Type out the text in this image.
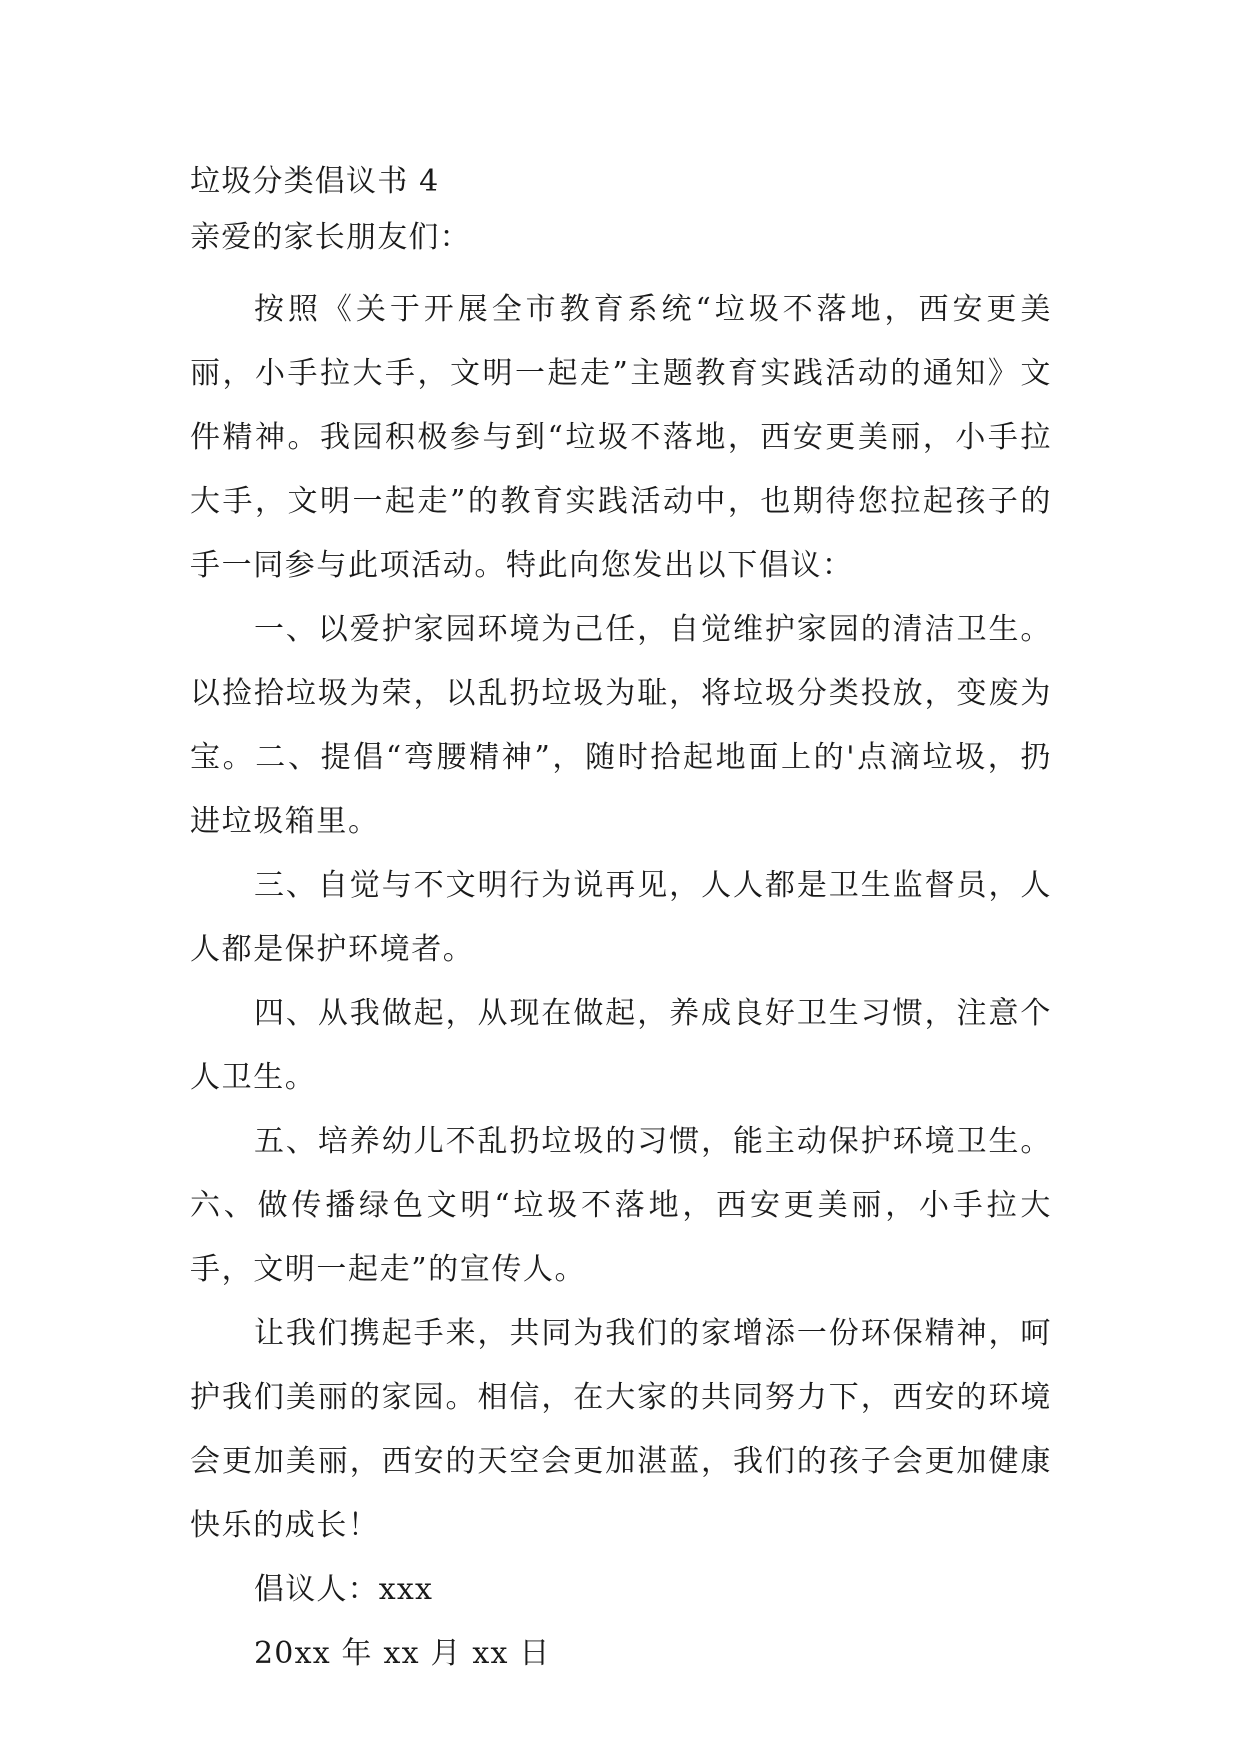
垃圾分类倡议书 4

亲爱的家长朋友们：

按照《关于开展全市教育系统“垃圾不落地，西安更美丽，小手拉大手，文明一起走”主题教育实践活动的通知》文件精神。我园积极参与到“垃圾不落地，西安更美丽，小手拉大手，文明一起走”的教育实践活动中，也期待您拉起孩子的手一同参与此项活动。特此向您发出以下倡议：

一、以爱护家园环境为己任，自觉维护家园的清洁卫生。以捡拾垃圾为荣，以乱扔垃圾为耻，将垃圾分类投放，变废为宝。二、提倡“弯腰精神”，随时拾起地面上的'点滴垃圾，扔进垃圾箱里。

三、自觉与不文明行为说再见，人人都是卫生监督员，人人都是保护环境者。

四、从我做起，从现在做起，养成良好卫生习惯，注意个人卫生。

五、培养幼儿不乱扔垃圾的习惯，能主动保护环境卫生。六、做传播绿色文明“垃圾不落地，西安更美丽，小手拉大手，文明一起走”的宣传人。

让我们携起手来，共同为我们的家增添一份环保精神，呵护我们美丽的家园。相信，在大家的共同努力下，西安的环境会更加美丽，西安的天空会更加湛蓝，我们的孩子会更加健康快乐的成长！

倡议人：xxx

20xx 年 xx 月 xx 日
